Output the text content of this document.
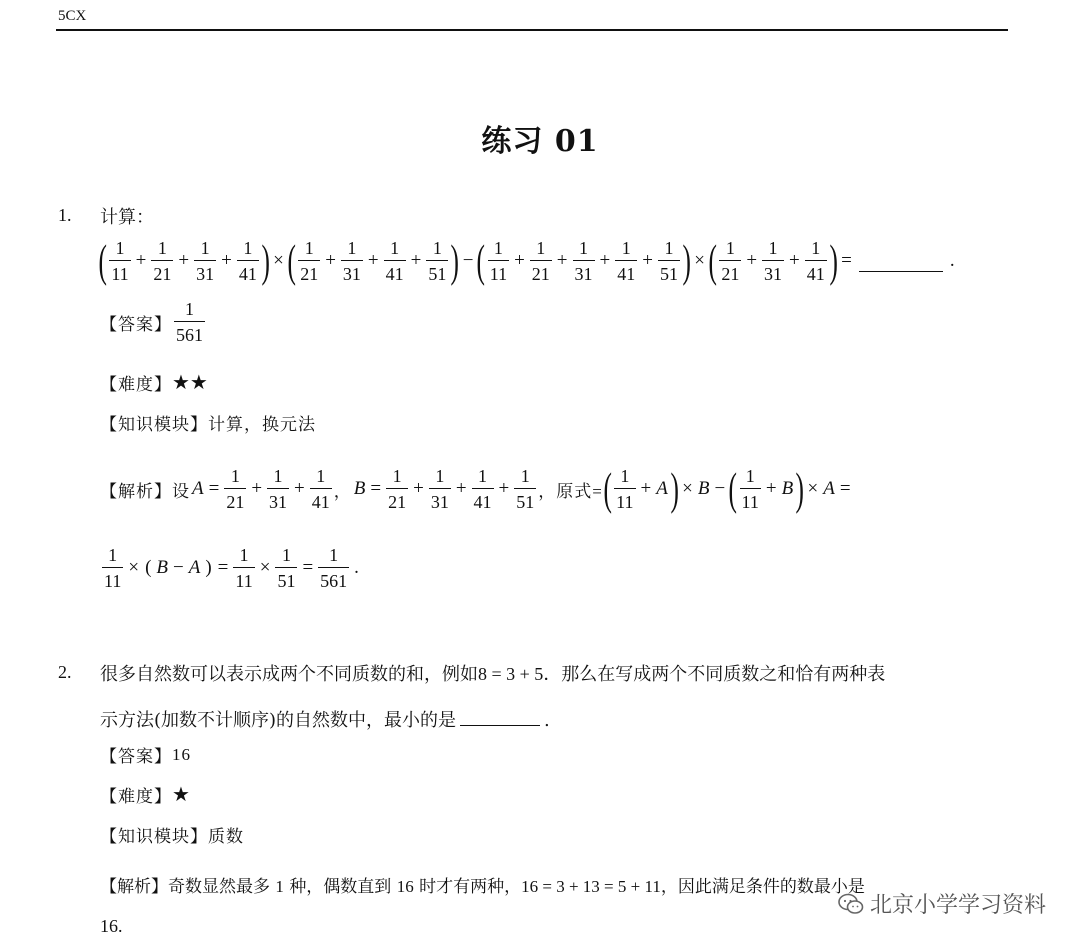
5CX
练习 01
1. 计算：
( $\frac{1}{11} + \frac{1}{21} + \frac{1}{31} + \frac{1}{41}$ ) × ( $\frac{1}{21} + \frac{1}{31} + \frac{1}{41} + \frac{1}{51}$ ) − ( $\frac{1}{11} + \frac{1}{21} + \frac{1}{31} + \frac{1}{41} + \frac{1}{51}$ ) × ( $\frac{1}{21} + \frac{1}{31} + \frac{1}{41}$ ) =	.
【答案】 $\frac{1}{561}$
【难度】 ★★
【知识模块】 计算，换元法
【解析】 设 $A = \frac{1}{21} + \frac{1}{31} + \frac{1}{41}$ ， $B = \frac{1}{21} + \frac{1}{31} + \frac{1}{41} + \frac{1}{51}$ ， 原式= ( $\frac{1}{11} + A$ ) × B − ( $\frac{1}{11} + B$ ) × A =
$\frac{1}{11}$ × ( B − A ) = $\frac{1}{11} \times \frac{1}{51} = \frac{1}{561}$ .
2. 很多自然数可以表示成两个不同质数的和，例如8 = 3 + 5．那么在写成两个不同质数之和恰有两种表
示方法(加数不计顺序)的自然数中，最小的是	.
【答案】 16
【难度】 ★
【知识模块】 质数
【解析】奇数显然最多 1 种，偶数直到 16 时才有两种，16 = 3 + 13 = 5 + 11，因此满足条件的数最小是
16.
北京小学学习资料
